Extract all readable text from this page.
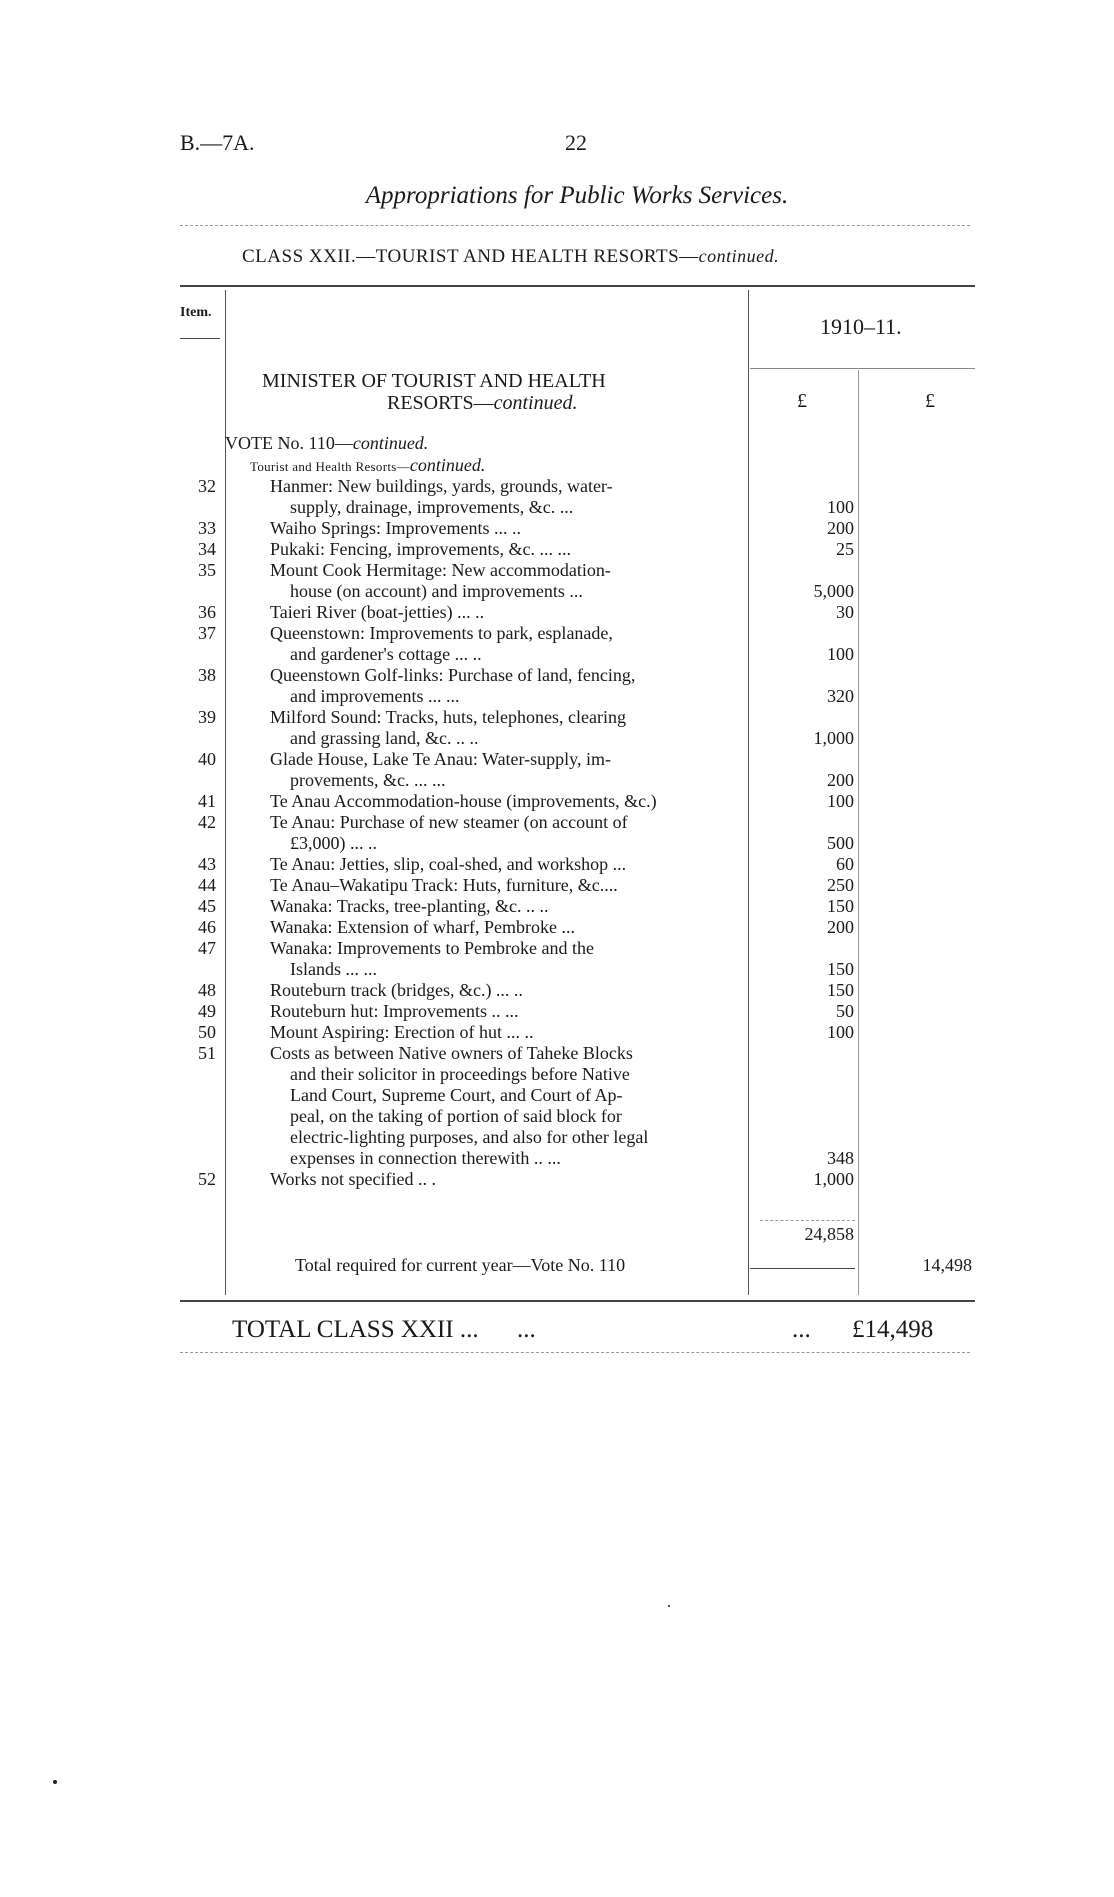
B.—7A.	22
Appropriations for Public Works Services.
CLASS XXII.—TOURIST AND HEALTH RESORTS—continued.
Item.
1910–11.
£	£
MINISTER OF TOURIST AND HEALTH
RESORTS—continued.
VOTE No. 110—continued.
Tourist and Health Resorts—continued.
32	Hanmer: New buildings, yards, grounds, water-
supply, drainage, improvements, &c. ...	100
33	Waiho Springs: Improvements ... ..	200
34	Pukaki: Fencing, improvements, &c. ... ...	25
35	Mount Cook Hermitage: New accommodation-
house (on account) and improvements ...	5,000
36	Taieri River (boat-jetties) ... ..	30
37	Queenstown: Improvements to park, esplanade,
and gardener's cottage ... ..	100
38	Queenstown Golf-links: Purchase of land, fencing,
and improvements ... ...	320
39	Milford Sound: Tracks, huts, telephones, clearing
and grassing land, &c. .. ..	1,000
40	Glade House, Lake Te Anau: Water-supply, im-
provements, &c. ... ...	200
41	Te Anau Accommodation-house (improvements, &c.)	100
42	Te Anau: Purchase of new steamer (on account of
£3,000) ... ..	500
43	Te Anau: Jetties, slip, coal-shed, and workshop ...	60
44	Te Anau–Wakatipu Track: Huts, furniture, &c....	250
45	Wanaka: Tracks, tree-planting, &c. .. ..	150
46	Wanaka: Extension of wharf, Pembroke ...	200
47	Wanaka: Improvements to Pembroke and the
Islands ... ...	150
48	Routeburn track (bridges, &c.) ... ..	150
49	Routeburn hut: Improvements .. ...	50
50	Mount Aspiring: Erection of hut ... ..	100
51	Costs as between Native owners of Taheke Blocks
and their solicitor in proceedings before Native
Land Court, Supreme Court, and Court of Ap-
peal, on the taking of portion of said block for
electric-lighting purposes, and also for other legal
expenses in connection therewith .. ...	348
52	Works not specified .. .	1,000
24,858
Total required for current year—Vote No. 110	14,498
TOTAL CLASS XXII ... ...	... £14,498
